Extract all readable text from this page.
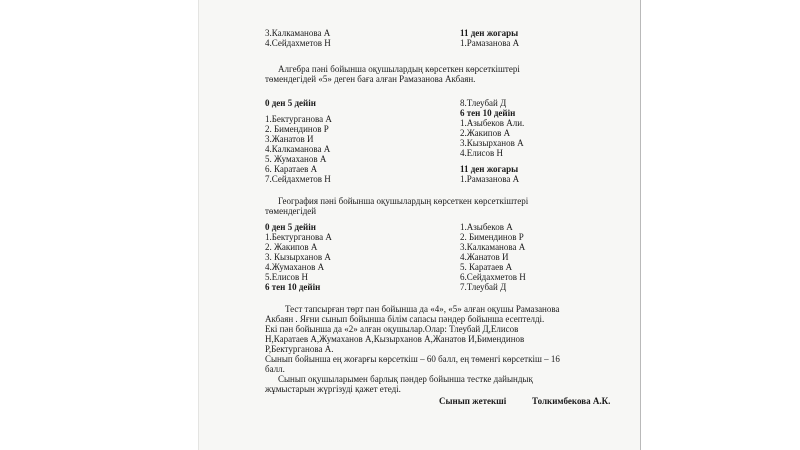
3.Калкаманова А
4.Сейдахметов Н
11 ден жогары
1.Рамазанова А
Алгебра пәні бойынша оқушылардың көрсеткен көрсеткіштері
төмендегідей «5» деген баға алған Рамазанова Акбаян.
0 ден 5 дейін
1.Бектурганова А
2. Бимендинов Р
3.Жанатов И
4.Калкаманова А
5. Жумаханов А
6. Каратаев А
7.Сейдахметов Н
8.Тлеубай Д
6 тен 10 дейін
1.Азыбеков Али.
2.Жакипов А
3.Кызырханов А
4.Елисов Н
11 ден жогары
1.Рамазанова А
География пәні бойынша оқушылардың көрсеткен көрсеткіштері
төмендегідей
0 ден 5 дейін
1.Бектурганова А
2. Жакипов А
3. Кызырханов А
4.Жумаханов А
5.Елисов Н
6 тен 10 дейін
1.Азыбеков А
2. Бимендинов Р
3.Калкаманова А
4.Жанатов И
5. Каратаев А
6.Сейдахметов Н
7.Тлеубай Д
Тест тапсырған төрт пән бойынша да «4», «5» алған оқушы Рамазанова
Акбаян . Яғни сынып бойынша білім сапасы пәндер бойынша есептелді.
Екі пән бойынша да «2» алған оқушылар.Олар: Тлеубай Д,Елисов
Н,Каратаев А,Жумаханов А,Кызырханов А,Жанатов И,Бимендинов
Р,Бектурганова А.
Сынып бойынша ең жоғарғы көрсеткіш – 60 балл, ең төменгі көрсеткіш – 16
балл.
Сынып оқушыларымен барлық пәндер бойынша тестке дайындық
жұмыстарын жүргізуді қажет етеді.
Сынып жетекші	Толкимбекова А.К.
